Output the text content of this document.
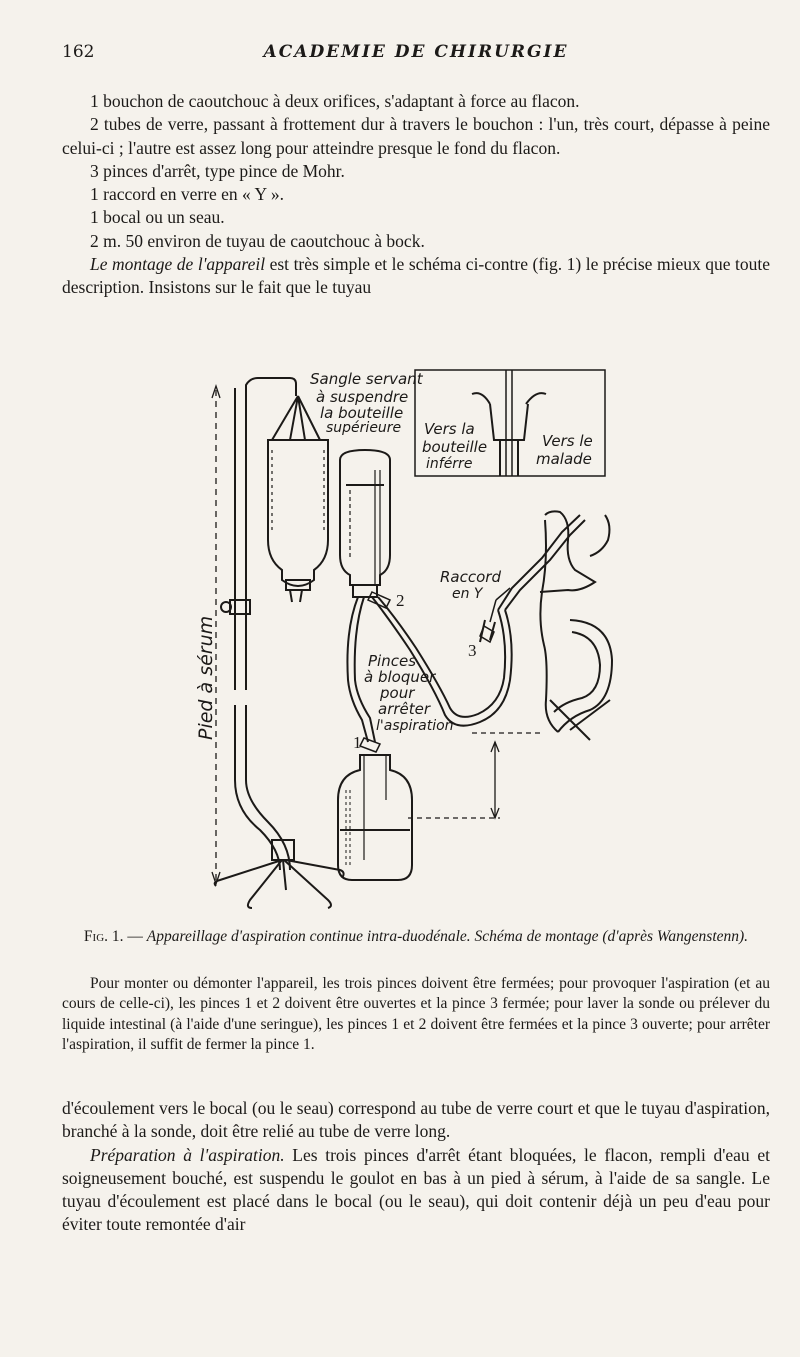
162	ACADEMIE DE CHIRURGIE

1 bouchon de caoutchouc à deux orifices, s'adaptant à force au flacon.

2 tubes de verre, passant à frottement dur à travers le bouchon : l'un, très court, dépasse à peine celui-ci ; l'autre est assez long pour atteindre presque le fond du flacon.

3 pinces d'arrêt, type pince de Mohr.

1 raccord en verre en « Y ».

1 bocal ou un seau.

2 m. 50 environ de tuyau de caoutchouc à bock.

Le montage de l'appareil est très simple et le schéma ci-contre (fig. 1) le précise mieux que toute description. Insistons sur le fait que le tuyau

Sangle servant
à suspendre
la bouteille
supérieure Vers la
bouteille
inférre
Vers le
malade
Raccord
en Y
Pinces
à bloquer
pour
arrêter
l'aspiration
Pied à sérum
1
2
3
Fig. 1. — Appareillage d'aspiration continue intra-duodénale. Schéma de montage (d'après Wangenstenn).
Pour monter ou démonter l'appareil, les trois pinces doivent être fermées; pour provoquer l'aspiration (et au cours de celle-ci), les pinces 1 et 2 doivent être ouvertes et la pince 3 fermée; pour laver la sonde ou prélever du liquide intestinal (à l'aide d'une seringue), les pinces 1 et 2 doivent être fermées et la pince 3 ouverte; pour arrêter l'aspiration, il suffit de fermer la pince 1.

d'écoulement vers le bocal (ou le seau) correspond au tube de verre court et que le tuyau d'aspiration, branché à la sonde, doit être relié au tube de verre long.

Préparation à l'aspiration. Les trois pinces d'arrêt étant bloquées, le flacon, rempli d'eau et soigneusement bouché, est suspendu le goulot en bas à un pied à sérum, à l'aide de sa sangle. Le tuyau d'écoulement est placé dans le bocal (ou le seau), qui doit contenir déjà un peu d'eau pour éviter toute remontée d'air
